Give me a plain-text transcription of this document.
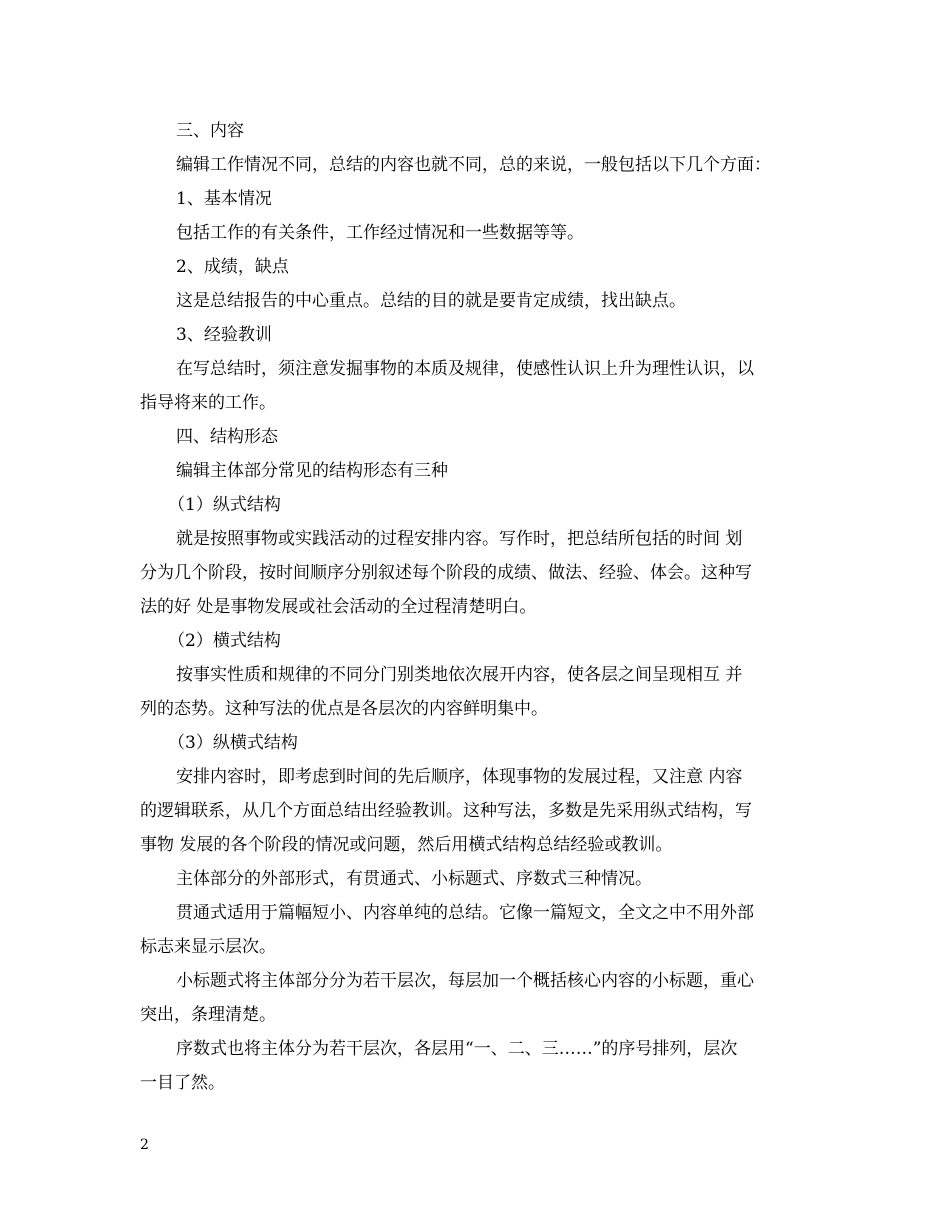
三、内容
编辑工作情况不同，总结的内容也就不同，总的来说，一般包括以下几个方面：
1、基本情况
包括工作的有关条件，工作经过情况和一些数据等等。
2、成绩，缺点
这是总结报告的中心重点。总结的目的就是要肯定成绩，找出缺点。
3、经验教训
在写总结时，须注意发掘事物的本质及规律，使感性认识上升为理性认识，以
指导将来的工作。
四、结构形态
编辑主体部分常见的结构形态有三种
（1）纵式结构
就是按照事物或实践活动的过程安排内容。写作时，把总结所包括的时间 划
分为几个阶段，按时间顺序分别叙述每个阶段的成绩、做法、经验、体会。这种写
法的好 处是事物发展或社会活动的全过程清楚明白。
（2）横式结构
按事实性质和规律的不同分门别类地依次展开内容，使各层之间呈现相互 并
列的态势。这种写法的优点是各层次的内容鲜明集中。
（3）纵横式结构
安排内容时，即考虑到时间的先后顺序，体现事物的发展过程，又注意 内容
的逻辑联系，从几个方面总结出经验教训。这种写法，多数是先采用纵式结构，写
事物 发展的各个阶段的情况或问题，然后用横式结构总结经验或教训。
主体部分的外部形式，有贯通式、小标题式、序数式三种情况。
贯通式适用于篇幅短小、内容单纯的总结。它像一篇短文，全文之中不用外部
标志来显示层次。
小标题式将主体部分分为若干层次，每层加一个概括核心内容的小标题，重心
突出，条理清楚。
序数式也将主体分为若干层次，各层用“一、二、三……”的序号排列，层次
一目了然。
2
